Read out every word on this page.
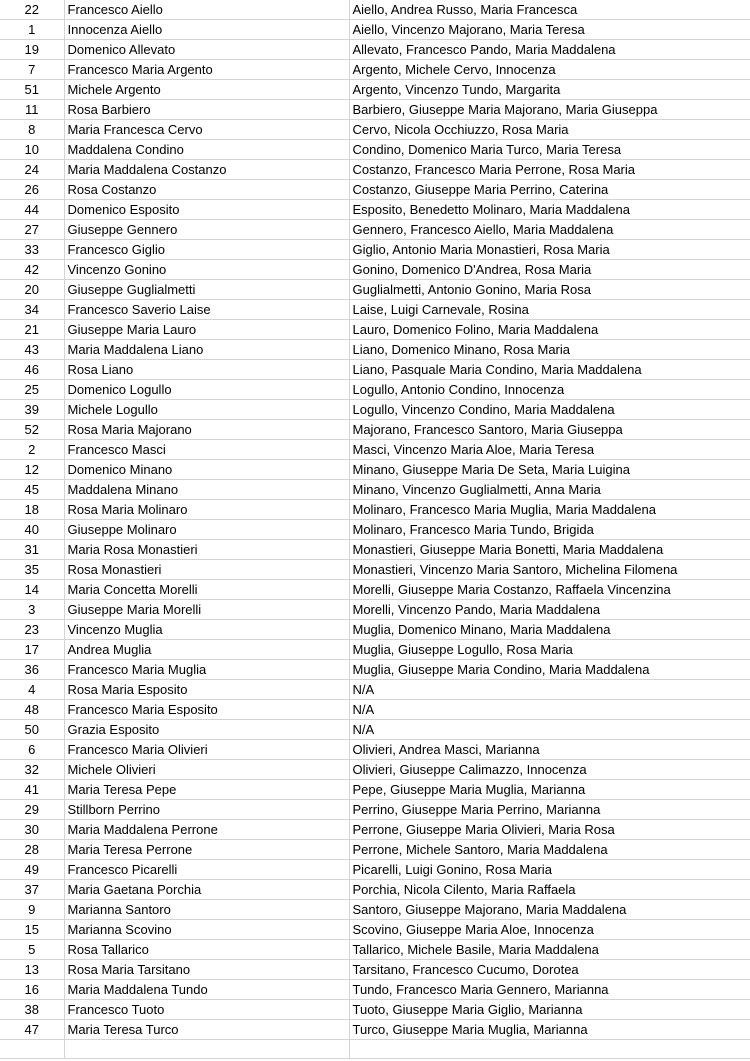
22	Francesco Aiello	Aiello, Andrea Russo, Maria Francesca
1	Innocenza Aiello	Aiello, Vincenzo Majorano, Maria Teresa
19	Domenico Allevato	Allevato, Francesco Pando, Maria Maddalena
7	Francesco Maria Argento	Argento, Michele Cervo, Innocenza
51	Michele Argento	Argento, Vincenzo Tundo, Margarita
11	Rosa Barbiero	Barbiero, Giuseppe Maria Majorano, Maria Giuseppa
8	Maria Francesca Cervo	Cervo, Nicola Occhiuzzo, Rosa Maria
10	Maddalena Condino	Condino, Domenico Maria Turco, Maria Teresa
24	Maria Maddalena Costanzo	Costanzo, Francesco Maria Perrone, Rosa Maria
26	Rosa Costanzo	Costanzo, Giuseppe Maria Perrino, Caterina
44	Domenico Esposito	Esposito, Benedetto Molinaro, Maria Maddalena
27	Giuseppe Gennero	Gennero, Francesco Aiello, Maria Maddalena
33	Francesco Giglio	Giglio, Antonio Maria Monastieri, Rosa Maria
42	Vincenzo Gonino	Gonino, Domenico D'Andrea, Rosa Maria
20	Giuseppe Guglialmetti	Guglialmetti, Antonio Gonino, Maria Rosa
34	Francesco Saverio Laise	Laise, Luigi Carnevale, Rosina
21	Giuseppe Maria Lauro	Lauro, Domenico Folino, Maria Maddalena
43	Maria Maddalena Liano	Liano, Domenico Minano, Rosa Maria
46	Rosa Liano	Liano, Pasquale Maria Condino, Maria Maddalena
25	Domenico Logullo	Logullo, Antonio Condino, Innocenza
39	Michele Logullo	Logullo, Vincenzo Condino, Maria Maddalena
52	Rosa Maria Majorano	Majorano, Francesco Santoro, Maria Giuseppa
2	Francesco Masci	Masci, Vincenzo Maria Aloe, Maria Teresa
12	Domenico Minano	Minano, Giuseppe Maria De Seta, Maria Luigina
45	Maddalena Minano	Minano, Vincenzo Guglialmetti, Anna Maria
18	Rosa Maria Molinaro	Molinaro, Francesco Maria Muglia, Maria Maddalena
40	Giuseppe Molinaro	Molinaro, Francesco Maria Tundo, Brigida
31	Maria Rosa Monastieri	Monastieri, Giuseppe Maria Bonetti, Maria Maddalena
35	Rosa Monastieri	Monastieri, Vincenzo Maria Santoro, Michelina Filomena
14	Maria Concetta Morelli	Morelli, Giuseppe Maria Costanzo, Raffaela Vincenzina
3	Giuseppe Maria Morelli	Morelli, Vincenzo Pando, Maria Maddalena
23	Vincenzo Muglia	Muglia, Domenico Minano, Maria Maddalena
17	Andrea Muglia	Muglia, Giuseppe Logullo, Rosa Maria
36	Francesco Maria Muglia	Muglia, Giuseppe Maria Condino, Maria Maddalena
4	Rosa Maria Esposito	N/A
48	Francesco Maria Esposito	N/A
50	Grazia Esposito	N/A
6	Francesco Maria Olivieri	Olivieri, Andrea Masci, Marianna
32	Michele Olivieri	Olivieri, Giuseppe Calimazzo, Innocenza
41	Maria Teresa Pepe	Pepe, Giuseppe Maria Muglia, Marianna
29	Stillborn Perrino	Perrino, Giuseppe Maria Perrino, Marianna
30	Maria Maddalena Perrone	Perrone, Giuseppe Maria Olivieri, Maria Rosa
28	Maria Teresa Perrone	Perrone, Michele Santoro, Maria Maddalena
49	Francesco Picarelli	Picarelli, Luigi Gonino, Rosa Maria
37	Maria Gaetana Porchia	Porchia, Nicola Cilento, Maria Raffaela
9	Marianna Santoro	Santoro, Giuseppe Majorano, Maria Maddalena
15	Marianna Scovino	Scovino, Giuseppe Maria Aloe, Innocenza
5	Rosa Tallarico	Tallarico, Michele Basile, Maria Maddalena
13	Rosa Maria Tarsitano	Tarsitano, Francesco Cucumo, Dorotea
16	Maria Maddalena Tundo	Tundo, Francesco Maria Gennero, Marianna
38	Francesco Tuoto	Tuoto, Giuseppe Maria Giglio, Marianna
47	Maria Teresa Turco	Turco, Giuseppe Maria Muglia, Marianna
